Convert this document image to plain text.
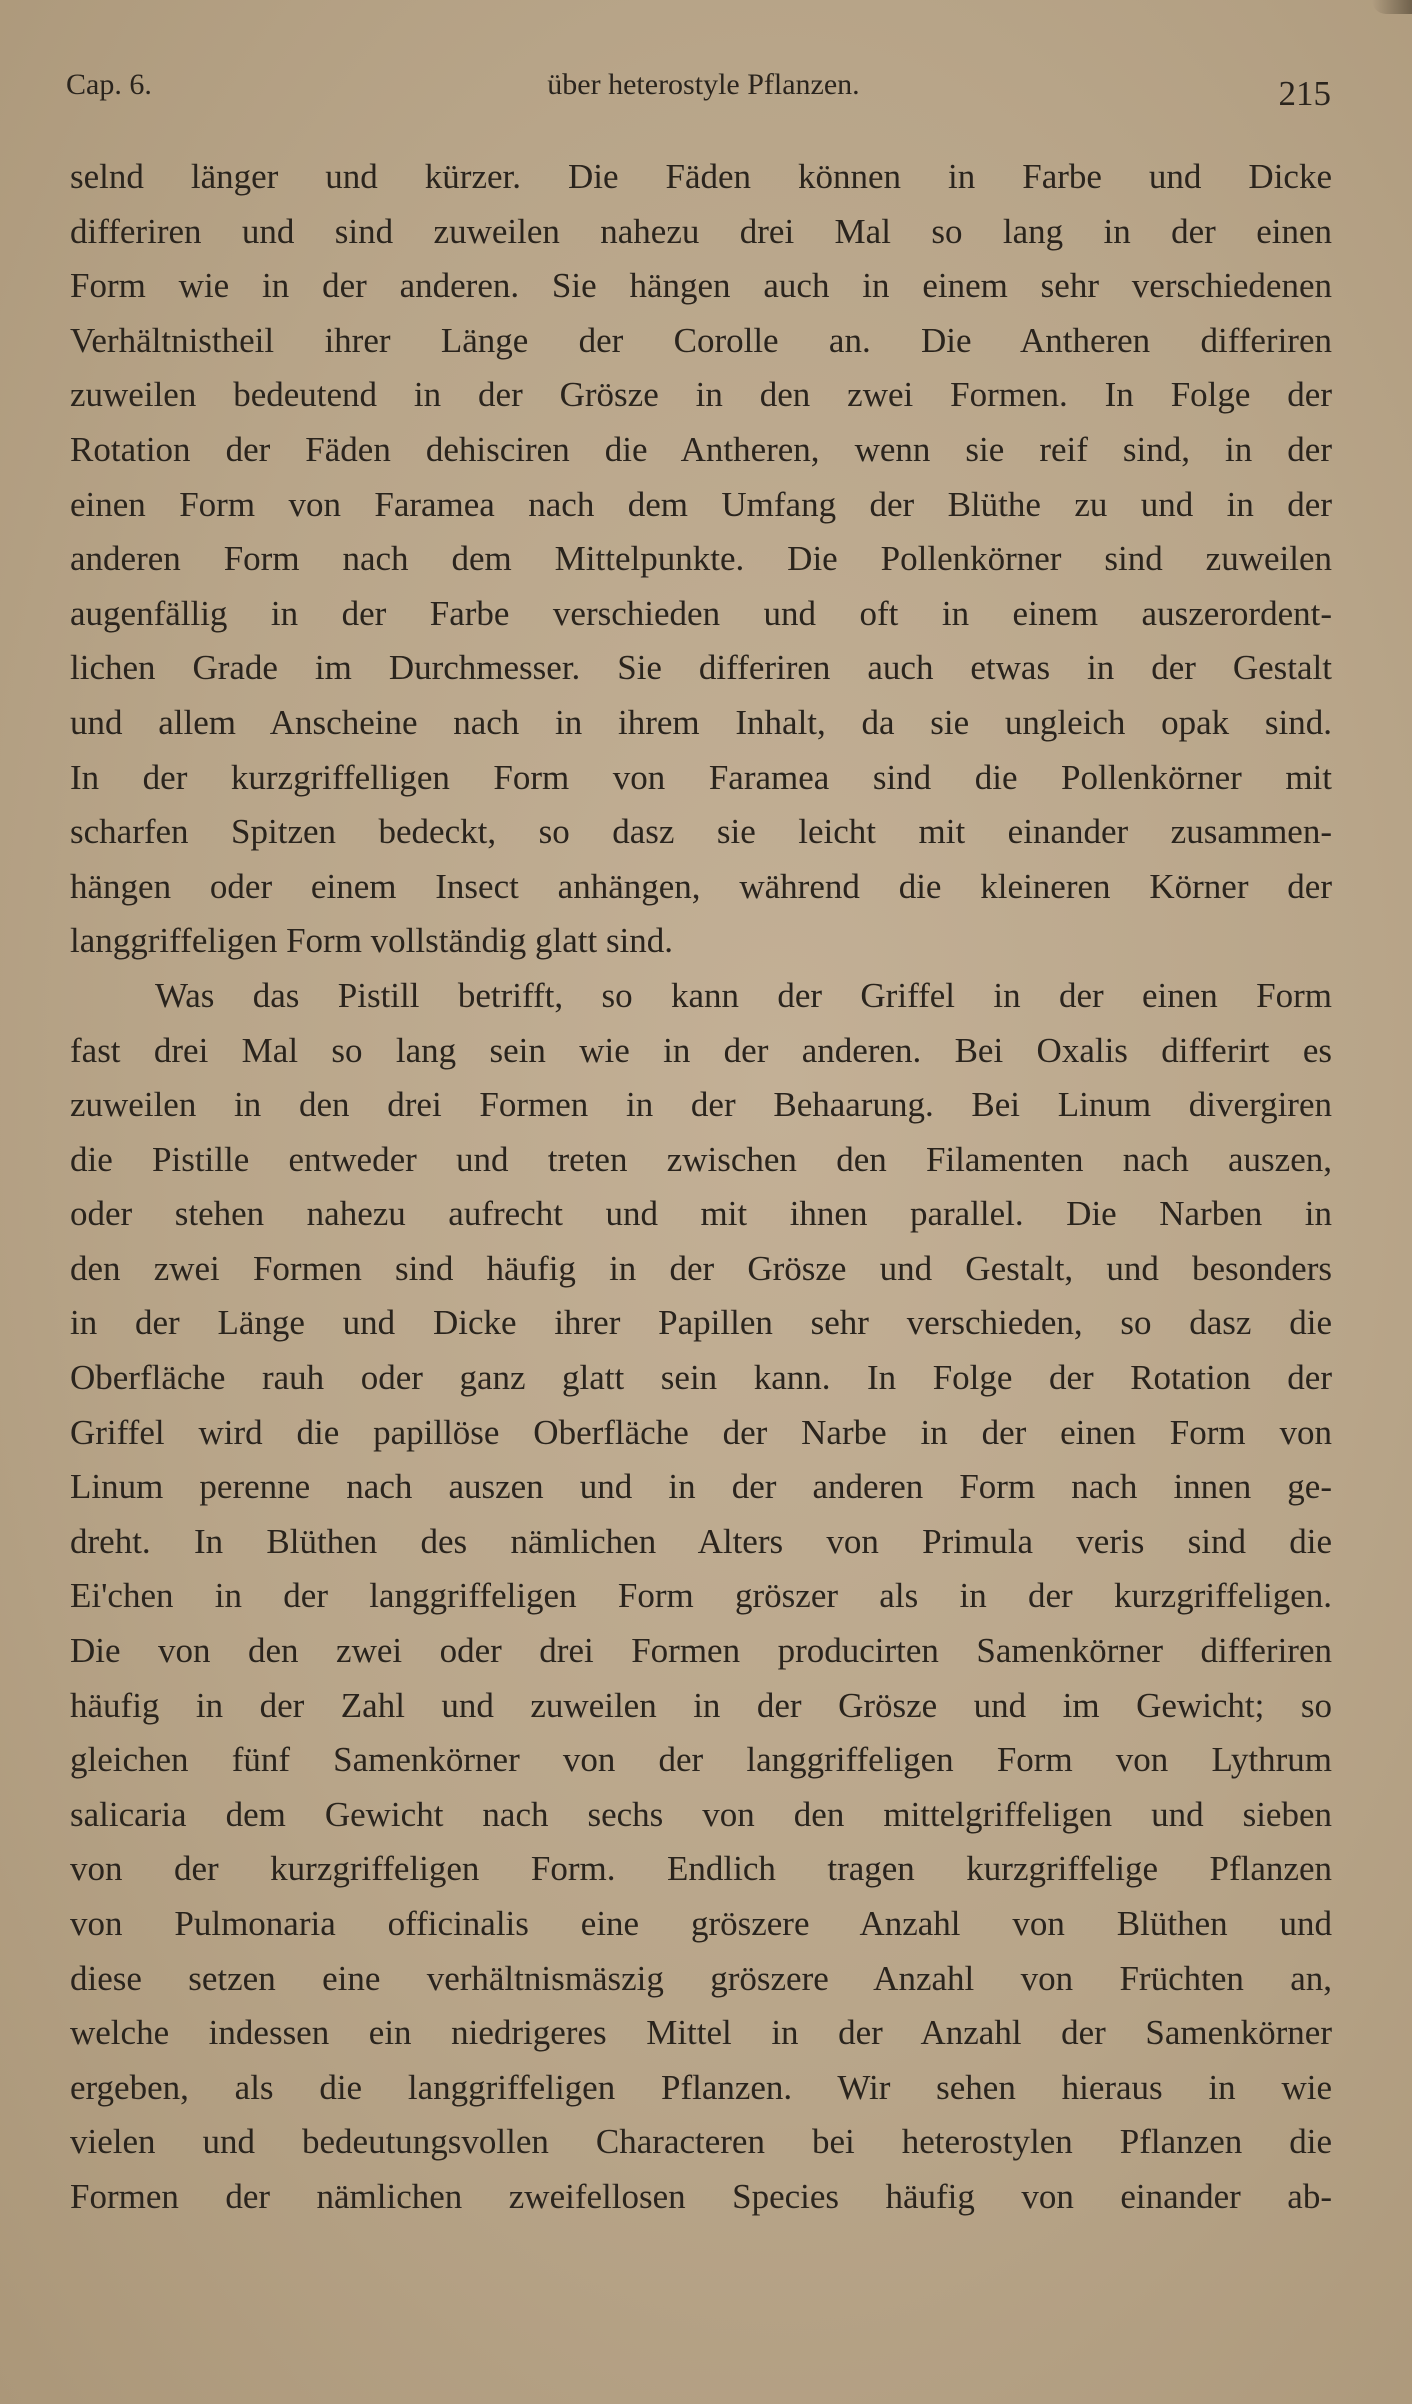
Cap. 6.	über heterostyle Pflanzen.	215
selnd länger und kürzer. Die Fäden können in Farbe und Dicke
differiren und sind zuweilen nahezu drei Mal so lang in der einen
Form wie in der anderen. Sie hängen auch in einem sehr verschiedenen
Verhältnistheil ihrer Länge der Corolle an. Die Antheren differiren
zuweilen bedeutend in der Grösze in den zwei Formen. In Folge der
Rotation der Fäden dehisciren die Antheren, wenn sie reif sind, in der
einen Form von Faramea nach dem Umfang der Blüthe zu und in der
anderen Form nach dem Mittelpunkte. Die Pollenkörner sind zuweilen
augenfällig in der Farbe verschieden und oft in einem auszerordent-
lichen Grade im Durchmesser. Sie differiren auch etwas in der Gestalt
und allem Anscheine nach in ihrem Inhalt, da sie ungleich opak sind.
In der kurzgriffelligen Form von Faramea sind die Pollenkörner mit
scharfen Spitzen bedeckt, so dasz sie leicht mit einander zusammen-
hängen oder einem Insect anhängen, während die kleineren Körner der
langgriffeligen Form vollständig glatt sind.
Was das Pistill betrifft, so kann der Griffel in der einen Form
fast drei Mal so lang sein wie in der anderen. Bei Oxalis differirt es
zuweilen in den drei Formen in der Behaarung. Bei Linum divergiren
die Pistille entweder und treten zwischen den Filamenten nach auszen,
oder stehen nahezu aufrecht und mit ihnen parallel. Die Narben in
den zwei Formen sind häufig in der Grösze und Gestalt, und besonders
in der Länge und Dicke ihrer Papillen sehr verschieden, so dasz die
Oberfläche rauh oder ganz glatt sein kann. In Folge der Rotation der
Griffel wird die papillöse Oberfläche der Narbe in der einen Form von
Linum perenne nach auszen und in der anderen Form nach innen ge-
dreht. In Blüthen des nämlichen Alters von Primula veris sind die
Ei'chen in der langgriffeligen Form gröszer als in der kurzgriffeligen.
Die von den zwei oder drei Formen producirten Samenkörner differiren
häufig in der Zahl und zuweilen in der Grösze und im Gewicht; so
gleichen fünf Samenkörner von der langgriffeligen Form von Lythrum
salicaria dem Gewicht nach sechs von den mittelgriffeligen und sieben
von der kurzgriffeligen Form. Endlich tragen kurzgriffelige Pflanzen
von Pulmonaria officinalis eine gröszere Anzahl von Blüthen und
diese setzen eine verhältnismäszig gröszere Anzahl von Früchten an,
welche indessen ein niedrigeres Mittel in der Anzahl der Samenkörner
ergeben, als die langgriffeligen Pflanzen. Wir sehen hieraus in wie
vielen und bedeutungsvollen Characteren bei heterostylen Pflanzen die
Formen der nämlichen zweifellosen Species häufig von einander ab-
